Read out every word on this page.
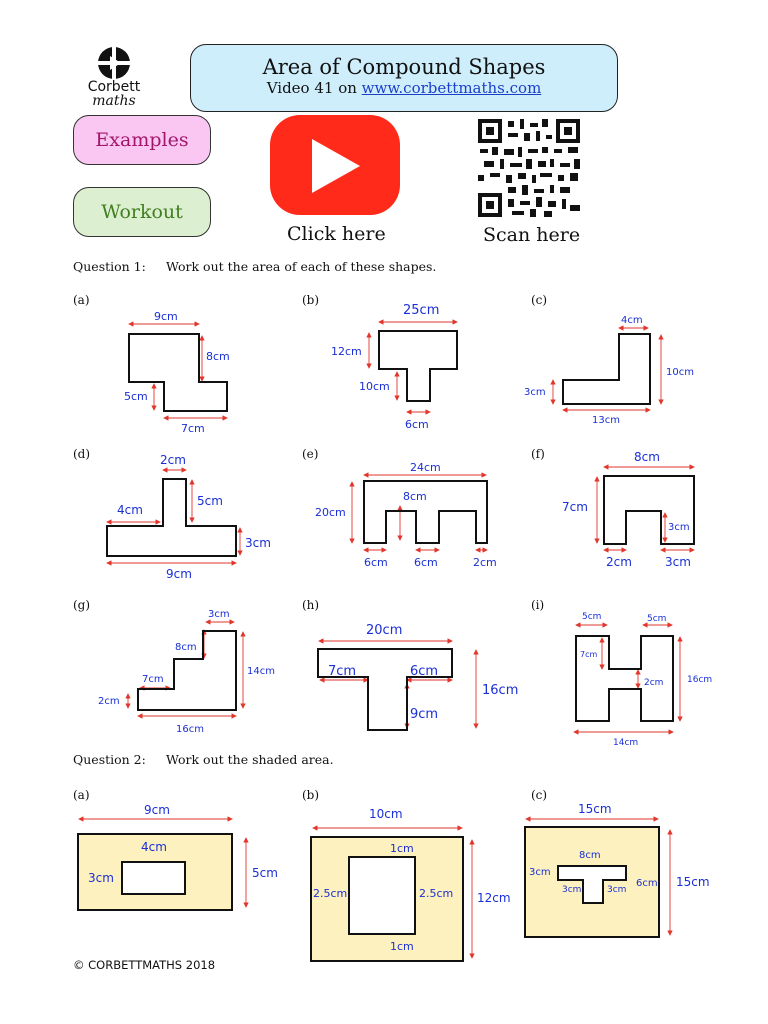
Corbett
maths
Area of Compound Shapes
Video 41 on www.corbettmaths.com
Examples
Workout
Click here	Scan here
Question 1: Work out the area of each of these shapes.
(a)	(b)	(c)
(d)	(e)	(f)
(g)	(h)	(i)
9cm
8cm
5cm
7cm
25cm
12cm
10cm
6cm
4cm
10cm
3cm
13cm
2cm
4cm
5cm
3cm
9cm
24cm
20cm
8cm
6cm 6cm	2cm
8cm
7cm
3cm
2cm	3cm
3cm
8cm
14cm
7cm
2cm
16cm
20cm
7cm	6cm
16cm
9cm
5cm	5cm
7cm
2cm	16cm
14cm
9cm
4cm
3cm	5cm
10cm
1cm
2.5cm	2.5cm 12cm
1cm
15cm
8cm
3cm
3cm	3cm
6cm 15cm
Question 2: Work out the shaded area.
(a)	(b)	(c)
© CORBETTMATHS 2018
